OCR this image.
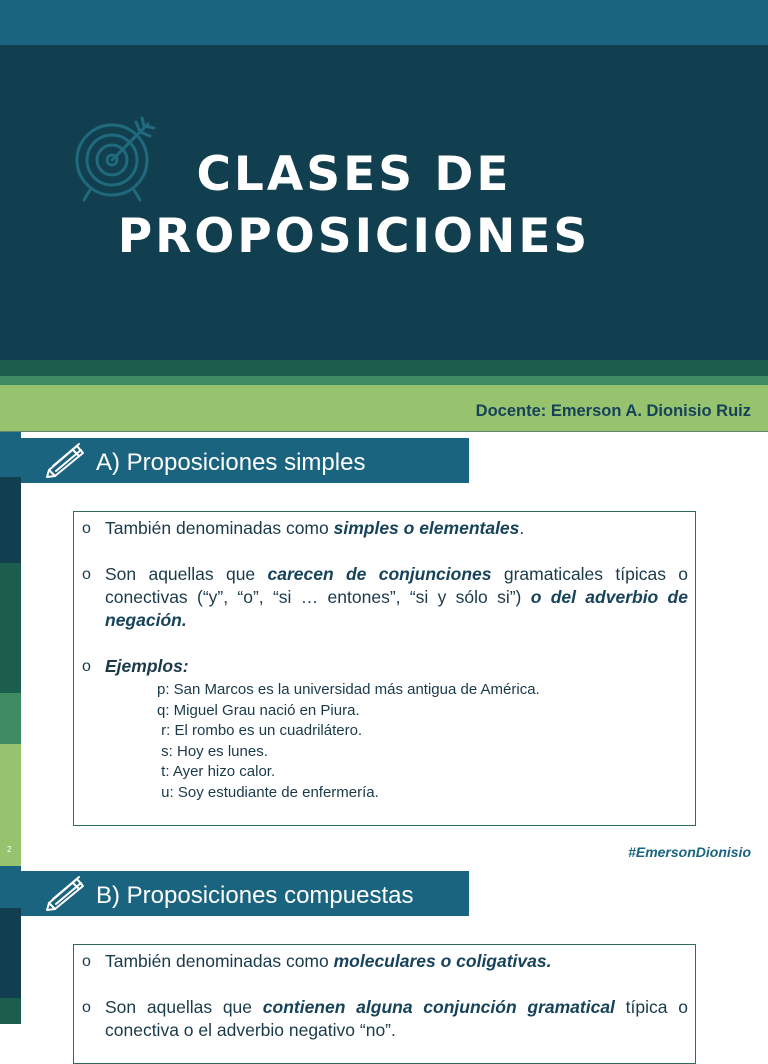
CLASES DE
PROPOSICIONES
Docente: Emerson A. Dionisio Ruiz
2
A) Proposiciones simples
o También denominadas como simples o elementales.
o Son aquellas que carecen de conjunciones gramaticales típicas o conectivas (“y”, “o”, “si … entones”, “si y sólo si”) o del adverbio de negación.
o Ejemplos:
p: San Marcos es la universidad más antigua de América.
q: Miguel Grau nació en Piura.
r: El rombo es un cuadrilátero.
s: Hoy es lunes.
t: Ayer hizo calor.
u: Soy estudiante de enfermería.
#EmersonDionisio
B) Proposiciones compuestas
o También denominadas como moleculares o coligativas.
o Son aquellas que contienen alguna conjunción gramatical típica o conectiva o el adverbio negativo “no”.
